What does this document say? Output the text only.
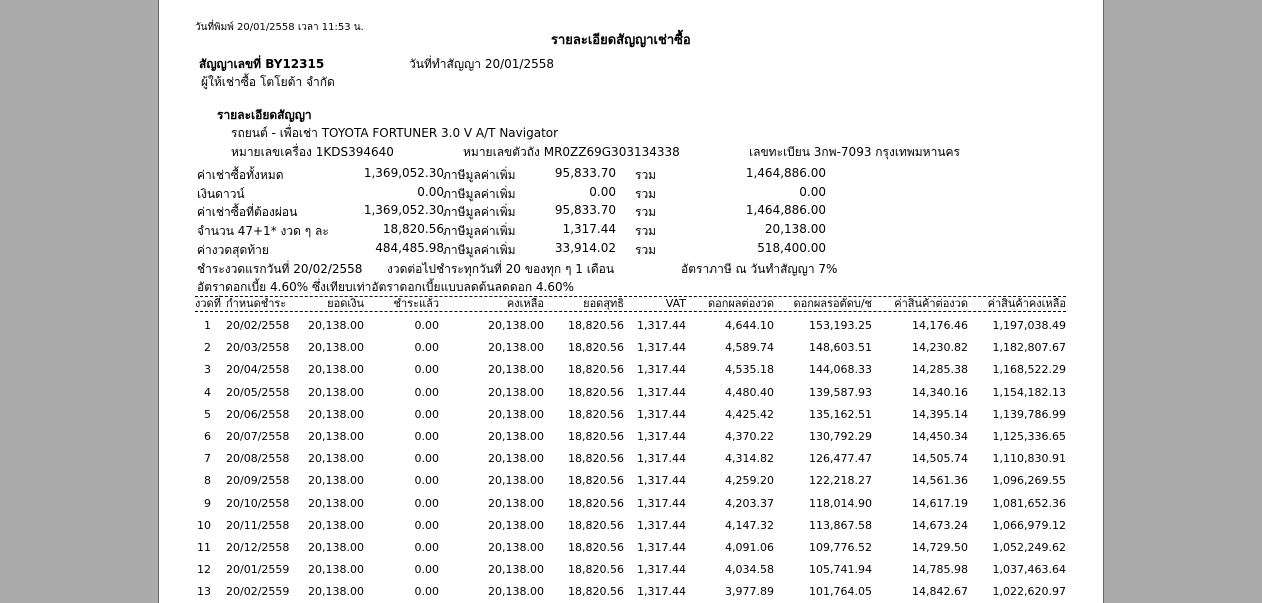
วันที่พิมพ์ 20/01/2558 เวลา 11:53 น.
รายละเอียดสัญญาเช่าซื้อ
สัญญาเลขที่ BY12315	วันที่ทำสัญญา 20/01/2558
ผู้ให้เช่าซื้อ โตโยต้า จำกัด
รายละเอียดสัญญา
รถยนต์ - เพื่อเช่า TOYOTA FORTUNER 3.0 V A/T Navigator
หมายเลขเครื่อง 1KDS394640	หมายเลขตัวถัง MR0ZZ69G303134338	เลขทะเบียน 3กพ-7093 กรุงเทพมหานคร
ค่าเช่าซื้อทั้งหมด	1,369,052.30 ภาษีมูลค่าเพิ่ม	95,833.70 รวม	1,464,886.00
เงินดาวน์	0.00 ภาษีมูลค่าเพิ่ม	0.00 รวม	0.00
ค่าเช่าซื้อที่ต้องผ่อน	1,369,052.30 ภาษีมูลค่าเพิ่ม	95,833.70 รวม	1,464,886.00
จำนวน 47+1* งวด ๆ ละ	18,820.56 ภาษีมูลค่าเพิ่ม	1,317.44 รวม	20,138.00
ค่างวดสุดท้าย	484,485.98 ภาษีมูลค่าเพิ่ม	33,914.02 รวม	518,400.00
ชำระงวดแรกวันที่ 20/02/2558 งวดต่อไปชำระทุกวันที่ 20 ของทุก ๆ 1 เดือน	อัตราภาษี ณ วันทำสัญญา 7%
อัตราดอกเบี้ย 4.60% ซึ่งเทียบเท่าอัตราดอกเบี้ยแบบลดต้นลดดอก 4.60%
งวดที่ กำหนดชำระ	ยอดเงิน	ชำระแล้ว	คงเหลือ	ยอดสุทธิ	VAT	ดอกผลต่องวด	ดอกผลรอตัดบ/ช	ค่าสินค้าต่องวด	ค่าสินค้าคงเหลือ
1 20/02/2558	20,138.00	0.00	20,138.00	18,820.56	1,317.44	4,644.10	153,193.25	14,176.46	1,197,038.49
2 20/03/2558	20,138.00	0.00	20,138.00	18,820.56	1,317.44	4,589.74	148,603.51	14,230.82	1,182,807.67
3 20/04/2558	20,138.00	0.00	20,138.00	18,820.56	1,317.44	4,535.18	144,068.33	14,285.38	1,168,522.29
4 20/05/2558	20,138.00	0.00	20,138.00	18,820.56	1,317.44	4,480.40	139,587.93	14,340.16	1,154,182.13
5 20/06/2558	20,138.00	0.00	20,138.00	18,820.56	1,317.44	4,425.42	135,162.51	14,395.14	1,139,786.99
6 20/07/2558	20,138.00	0.00	20,138.00	18,820.56	1,317.44	4,370.22	130,792.29	14,450.34	1,125,336.65
7 20/08/2558	20,138.00	0.00	20,138.00	18,820.56	1,317.44	4,314.82	126,477.47	14,505.74	1,110,830.91
8 20/09/2558	20,138.00	0.00	20,138.00	18,820.56	1,317.44	4,259.20	122,218.27	14,561.36	1,096,269.55
9 20/10/2558	20,138.00	0.00	20,138.00	18,820.56	1,317.44	4,203.37	118,014.90	14,617.19	1,081,652.36
10 20/11/2558	20,138.00	0.00	20,138.00	18,820.56	1,317.44	4,147.32	113,867.58	14,673.24	1,066,979.12
11 20/12/2558	20,138.00	0.00	20,138.00	18,820.56	1,317.44	4,091.06	109,776.52	14,729.50	1,052,249.62
12 20/01/2559	20,138.00	0.00	20,138.00	18,820.56	1,317.44	4,034.58	105,741.94	14,785.98	1,037,463.64
13 20/02/2559	20,138.00	0.00	20,138.00	18,820.56	1,317.44	3,977.89	101,764.05	14,842.67	1,022,620.97
